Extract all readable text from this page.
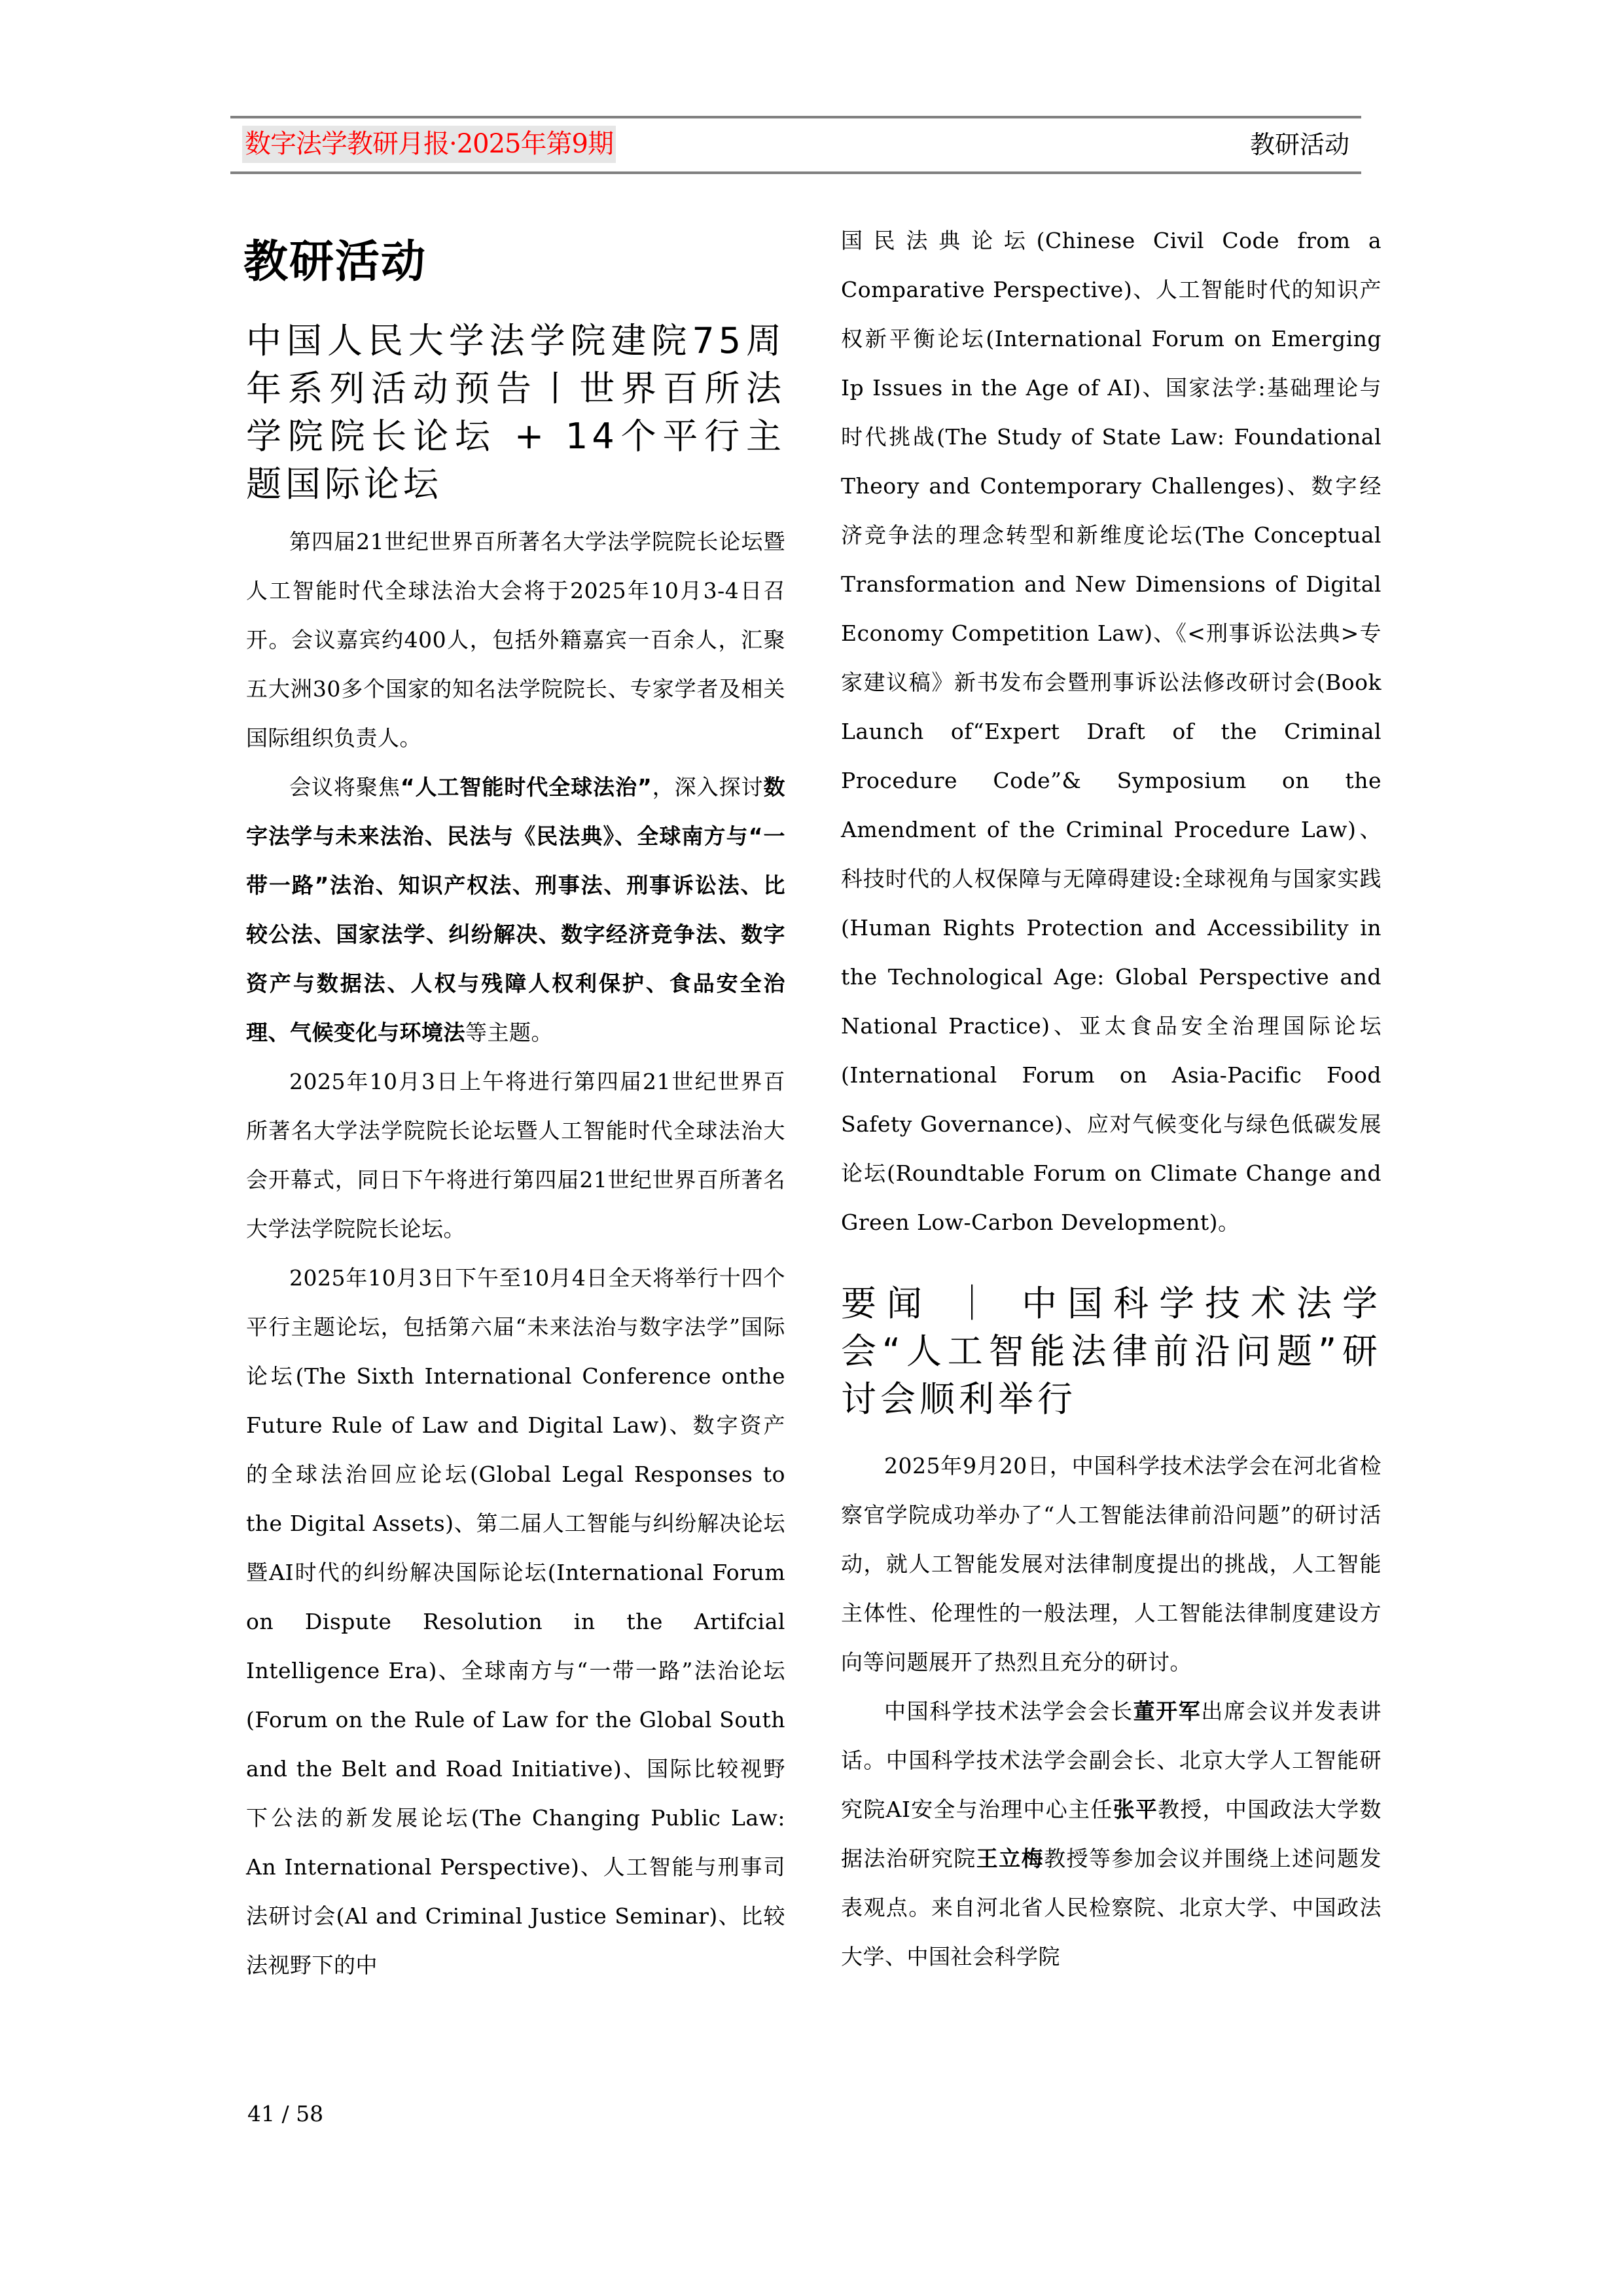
数字法学教研月报·2025年第9期	教研活动
教研活动
中国人民大学法学院建院75周年系列活动预告丨世界百所法学院院长论坛 + 14个平行主题国际论坛

第四届21世纪世界百所著名大学法学院院长论坛暨人工智能时代全球法治大会将于2025年10月3-4日召开。会议嘉宾约400人，包括外籍嘉宾一百余人，汇聚五大洲30多个国家的知名法学院院长、专家学者及相关国际组织负责人。

会议将聚焦“人工智能时代全球法治”，深入探讨数字法学与未来法治、民法与《民法典》、全球南方与“一带一路”法治、知识产权法、刑事法、刑事诉讼法、比较公法、国家法学、纠纷解决、数字经济竞争法、数字资产与数据法、人权与残障人权利保护、食品安全治理、气候变化与环境法等主题。

2025年10月3日上午将进行第四届21世纪世界百所著名大学法学院院长论坛暨人工智能时代全球法治大会开幕式，同日下午将进行第四届21世纪世界百所著名大学法学院院长论坛。

2025年10月3日下午至10月4日全天将举行十四个平行主题论坛，包括第六届“未来法治与数字法学”国际论坛(The Sixth International Conference onthe Future Rule of Law and Digital Law)、数字资产的全球法治回应论坛(Global Legal Responses to the Digital Assets)、第二届人工智能与纠纷解决论坛暨AI时代的纠纷解决国际论坛(International Forum on Dispute Resolution in the Artifcial Intelligence Era)、全球南方与“一带一路”法治论坛(Forum on the Rule of Law for the Global South and the Belt and Road Initiative)、国际比较视野下公法的新发展论坛(The Changing Public Law: An International Perspective)、人工智能与刑事司法研讨会(Al and Criminal Justice Seminar)、比较法视野下的中

国民法典论坛(Chinese Civil Code from a Comparative Perspective)、人工智能时代的知识产权新平衡论坛(International Forum on Emerging Ip Issues in the Age of AI)、国家法学:基础理论与时代挑战(The Study of State Law: Foundational Theory and Contemporary Challenges)、数字经济竞争法的理念转型和新维度论坛(The Conceptual Transformation and New Dimensions of Digital Economy Competition Law)、《<刑事诉讼法典>专家建议稿》新书发布会暨刑事诉讼法修改研讨会(Book Launch of“Expert Draft of the Criminal Procedure Code”& Symposium on the Amendment of the Criminal Procedure Law)、科技时代的人权保障与无障碍建设:全球视角与国家实践(Human Rights Protection and Accessibility in the Technological Age: Global Perspective and National Practice)、亚太食品安全治理国际论坛(International Forum on Asia-Pacific Food Safety Governance)、应对气候变化与绿色低碳发展论坛(Roundtable Forum on Climate Change and Green Low-Carbon Development)。

要闻 ｜ 中国科学技术法学会“人工智能法律前沿问题”研讨会顺利举行

2025年9月20日，中国科学技术法学会在河北省检察官学院成功举办了“人工智能法律前沿问题”的研讨活动，就人工智能发展对法律制度提出的挑战，人工智能主体性、伦理性的一般法理，人工智能法律制度建设方向等问题展开了热烈且充分的研讨。

中国科学技术法学会会长董开军出席会议并发表讲话。中国科学技术法学会副会长、北京大学人工智能研究院AI安全与治理中心主任张平教授，中国政法大学数据法治研究院王立梅教授等参加会议并围绕上述问题发表观点。来自河北省人民检察院、北京大学、中国政法大学、中国社会科学院

41 / 58
